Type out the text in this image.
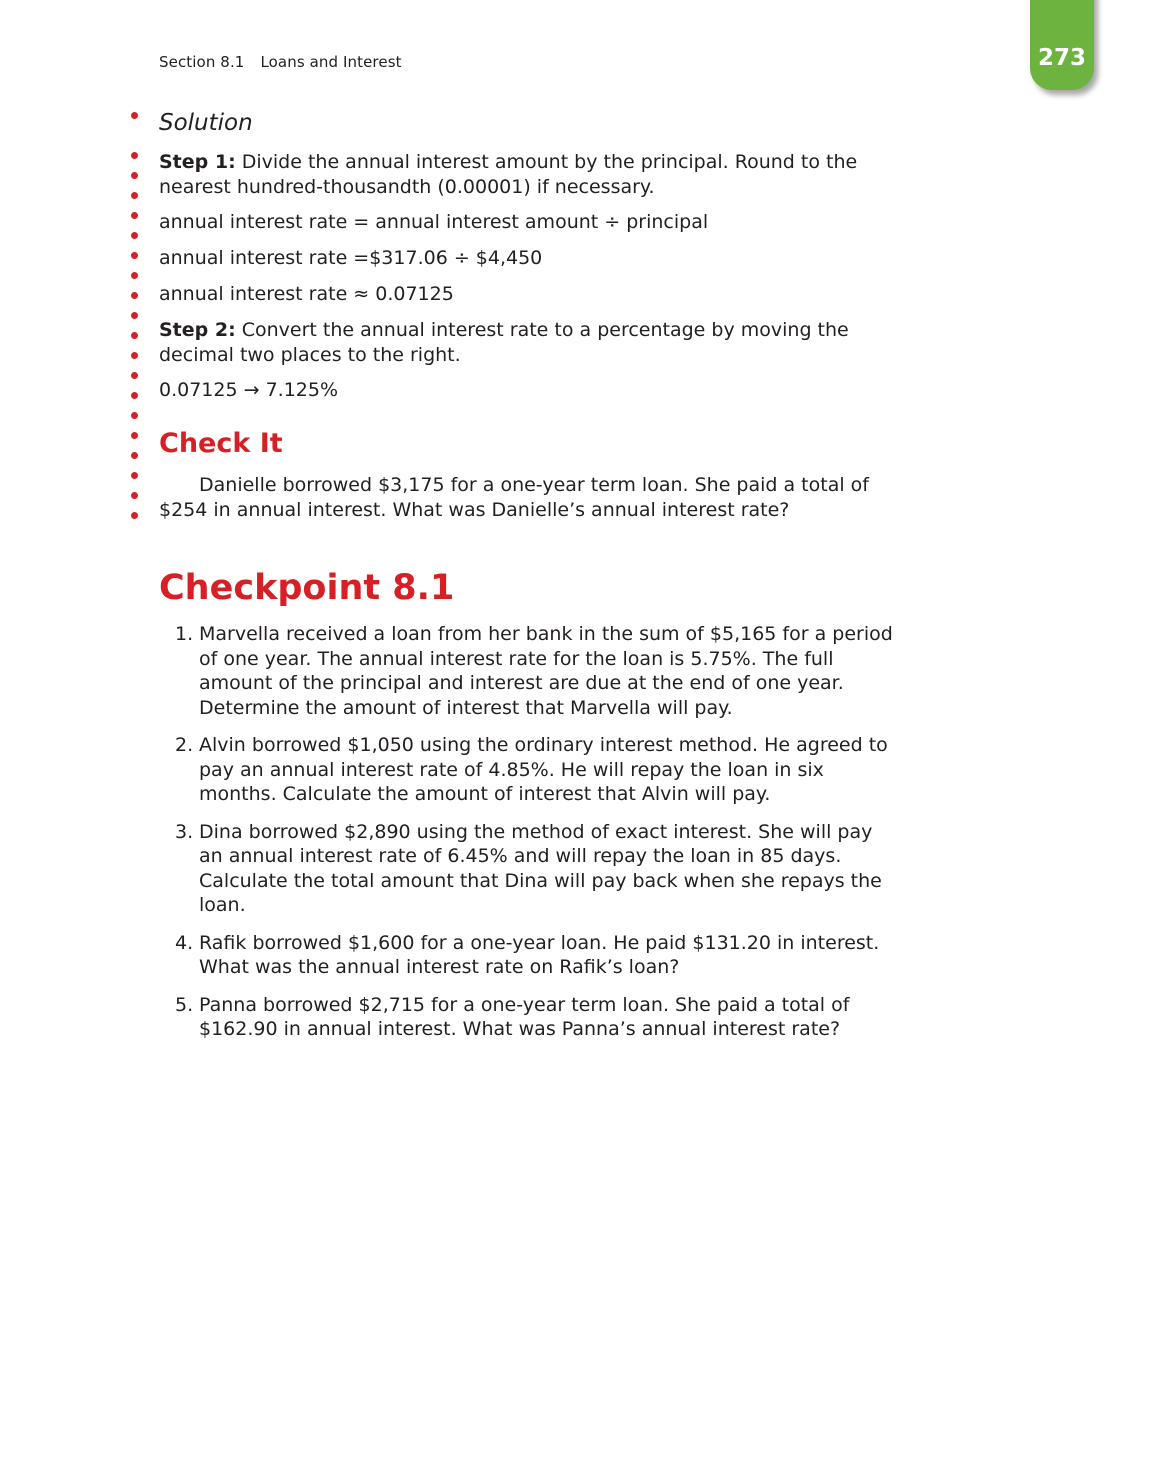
Section 8.1 Loans and Interest	273
Solution

Step 1: Divide the annual interest amount by the principal. Round to the nearest hundred-thousandth (0.00001) if necessary.

annual interest rate = annual interest amount ÷ principal
annual interest rate =$317.06 ÷ $4,450
annual interest rate ≈ 0.07125

Step 2: Convert the annual interest rate to a percentage by moving the decimal two places to the right.

0.07125 → 7.125%
Check It

Danielle borrowed $3,175 for a one-year term loan. She paid a total of $254 in annual interest. What was Danielle’s annual interest rate?

Checkpoint 8.1
1. Marvella received a loan from her bank in the sum of $5,165 for a period of one year. The annual interest rate for the loan is 5.75%. The full amount of the principal and interest are due at the end of one year. Determine the amount of interest that Marvella will pay.
2. Alvin borrowed $1,050 using the ordinary interest method. He agreed to pay an annual interest rate of 4.85%. He will repay the loan in six months. Calculate the amount of interest that Alvin will pay.
3. Dina borrowed $2,890 using the method of exact interest. She will pay an annual interest rate of 6.45% and will repay the loan in 85 days. Calculate the total amount that Dina will pay back when she repays the loan.
4. Rafik borrowed $1,600 for a one-year loan. He paid $131.20 in interest. What was the annual interest rate on Rafik’s loan?
5. Panna borrowed $2,715 for a one-year term loan. She paid a total of $162.90 in annual interest. What was Panna’s annual interest rate?
